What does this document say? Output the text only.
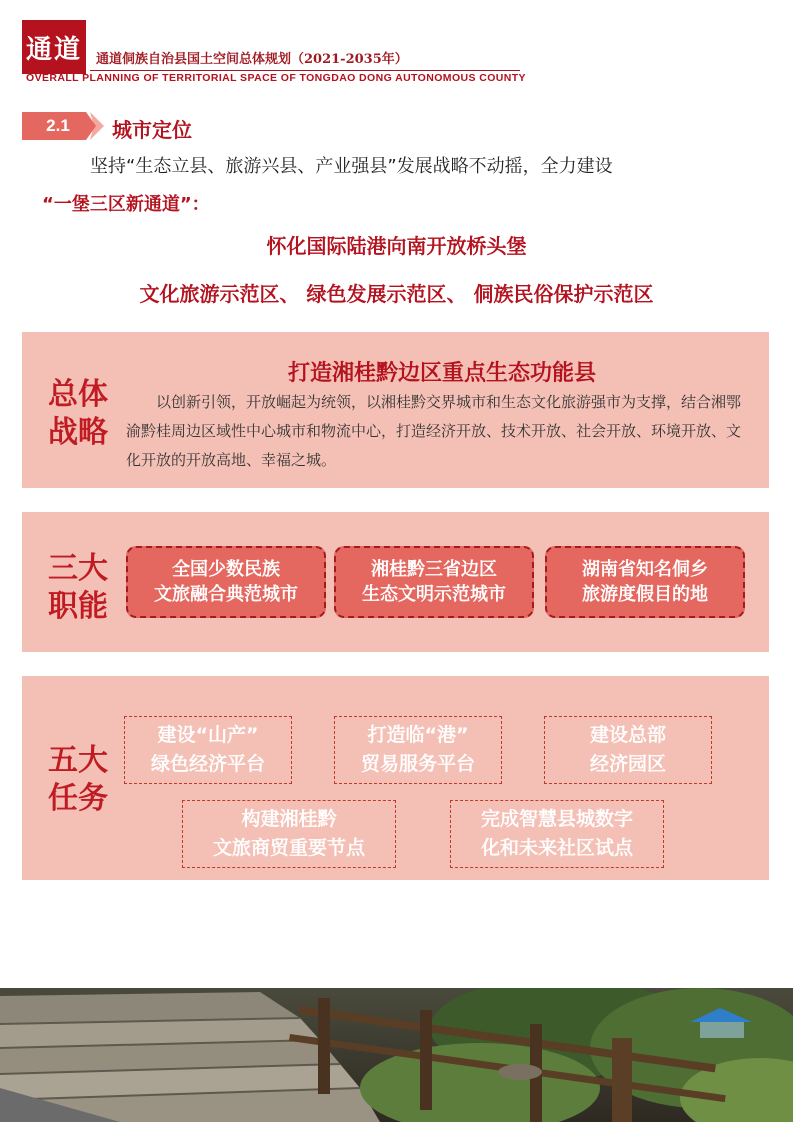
通道	通道侗族自治县国土空间总体规划（2021-2035年）
OVERALL PLANNING OF TERRITORIAL SPACE OF TONGDAO DONG AUTONOMOUS COUNTY
2.1	城市定位
坚持“生态立县、旅游兴县、产业强县”发展战略不动摇，全力建设
“一堡三区新通道”：
怀化国际陆港向南开放桥头堡
文化旅游示范区、 绿色发展示范区、 侗族民俗保护示范区
总体
战略
打造湘桂黔边区重点生态功能县
以创新引领，开放崛起为统领，以湘桂黔交界城市和生态文化旅游强市为支撑，结合湘鄂渝黔桂周边区域性中心城市和物流中心，打造经济开放、技术开放、社会开放、环境开放、文化开放的开放高地、幸福之城。
三大
职能
全国少数民族
文旅融合典范城市
湘桂黔三省边区
生态文明示范城市
湖南省知名侗乡
旅游度假目的地
五大
任务
建设“山产”
绿色经济平台
打造临“港”
贸易服务平台
建设总部
经济园区
构建湘桂黔
文旅商贸重要节点
完成智慧县城数字
化和未来社区试点
